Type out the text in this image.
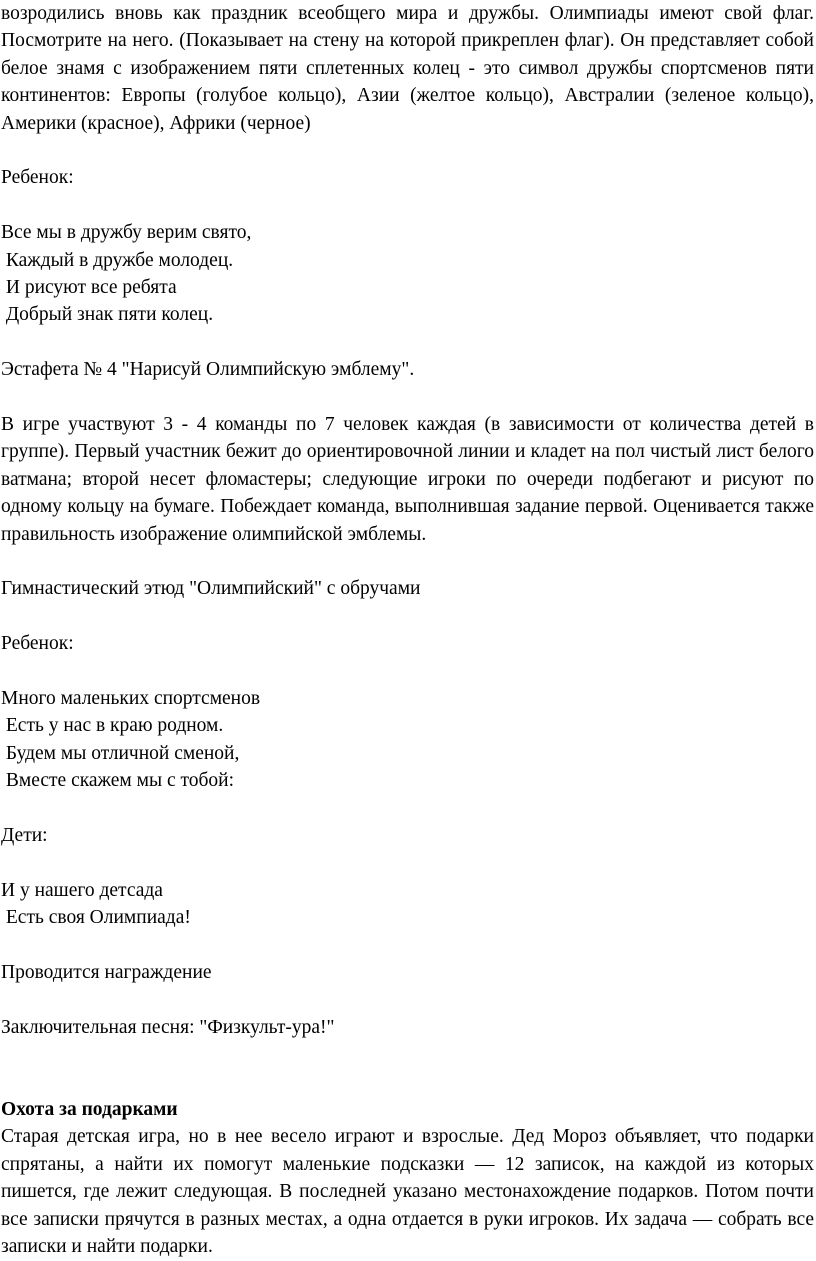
возродились вновь как праздник всеобщего мира и дружбы. Олимпиады имеют свой флаг. Посмотрите на него. (Показывает на стену на которой прикреплен флаг). Он представляет собой белое знамя с изображением пяти сплетенных колец - это символ дружбы спортсменов пяти континентов: Европы (голубое кольцо), Азии (желтое кольцо), Австралии (зеленое кольцо), Америки (красное), Африки (черное)

Ребенок:

Все мы в дружбу верим свято,
Каждый в дружбе молодец.
И рисуют все ребята
Добрый знак пяти колец.

Эстафета № 4 "Нарисуй Олимпийскую эмблему".

В игре участвуют 3 - 4 команды по 7 человек каждая (в зависимости от количества детей в группе). Первый участник бежит до ориентировочной линии и кладет на пол чистый лист белого ватмана; второй несет фломастеры; следующие игроки по очереди подбегают и рисуют по одному кольцу на бумаге. Побеждает команда, выполнившая задание первой. Оценивается также правильность изображение олимпийской эмблемы.

Гимнастический этюд "Олимпийский" с обручами

Ребенок:

Много маленьких спортсменов
Есть у нас в краю родном.
Будем мы отличной сменой,
Вместе скажем мы с тобой:

Дети:

И у нашего детсада
Есть своя Олимпиада!

Проводится награждение

Заключительная песня: "Физкульт-ура!"

Охота за подарками

Старая детская игра, но в нее весело играют и взрослые. Дед Мороз объявляет, что подарки спрятаны, а найти их помогут маленькие подсказки — 12 записок, на каждой из которых пишется, где лежит следующая. В последней указано местонахождение подарков. Потом почти все записки прячутся в разных местах, а одна отдается в руки игроков. Их задача — собрать все записки и найти подарки.
